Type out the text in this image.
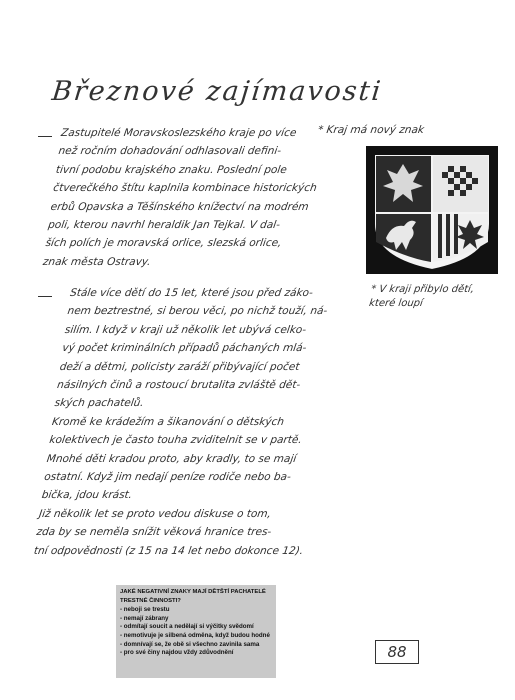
Březnové zajímavosti

Zastupitelé Moravskoslezského kraje po více

než ročním dohadování odhlasovali defini-

tivní podobu krajského znaku. Poslední pole

čtverečkého štítu kaplnila kombinace historických

erbů Opavska a Těšínského knížectví na modrém

poli, kterou navrhl heraldik Jan Tejkal. V dal-

ších polích je moravská orlice, slezská orlice,

znak města Ostravy.

* Kraj má nový znak

Stále více dětí do 15 let, které jsou před záko-

nem beztrestné, si berou věci, po nichž touží, ná-

silím. I když v kraji už několik let ubývá celko-

vý počet kriminálních případů páchaných mlá-

deží a dětmi, policisty zaráží přibývající počet

násilných činů a rostoucí brutalita zvláště dět-

ských pachatelů.

Kromě ke krádežím a šikanování o dětských

kolektivech je často touha zviditelnit se v partě.

Mnohé děti kradou proto, aby kradly, to se mají

ostatní. Když jim nedají peníze rodiče nebo ba-

bička, jdou krást.

Již několik let se proto vedou diskuse o tom,

zda by se neměla snížit věková hranice tres-

tní odpovědnosti (z 15 na 14 let nebo dokonce 12).

* V kraji přibylo dětí,

které loupí

JAKÉ NEGATIVNÍ ZNAKY MAJÍ DĚTŠTÍ PACHATELÉ TRESTNÉ ČINNOSTI?

- neboji se trestu

- nemají zábrany

- odmítají soucit a nedělají si výčitky svědomí

- nemotivuje je silbená odměna, když budou hodné

- domnívají se, že obě si všechno zavinila sama

- pro své činy najdou vždy zdůvodnění	88
